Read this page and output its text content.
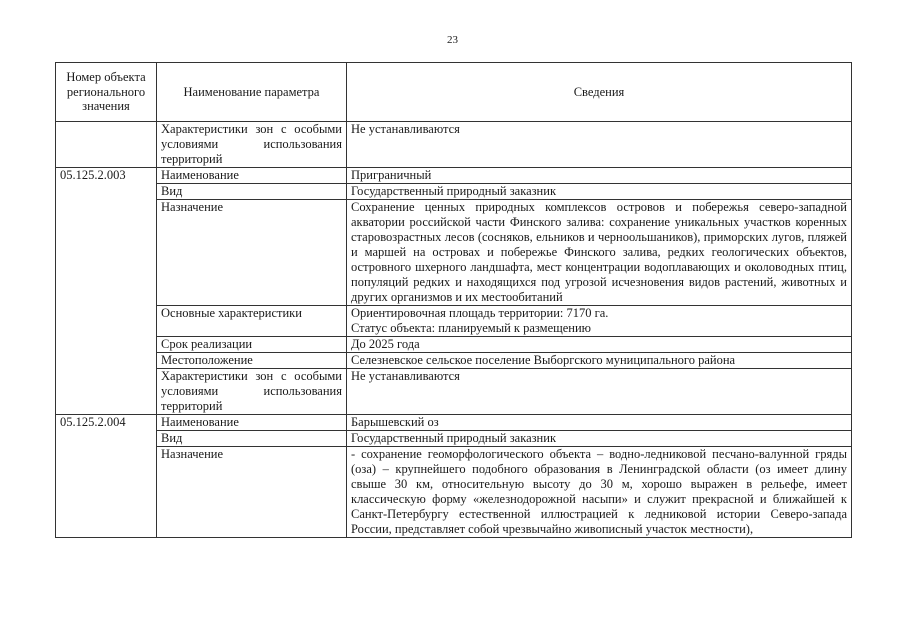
23
Номер объекта регионального значения	Наименование параметра	Сведения
	Характеристики зон с особыми условиями использования территорий	Не устанавливаются

05.125.2.003	Наименование	Приграничный

	Вид	Государственный природный заказник

	Назначение	Сохранение ценных природных комплексов островов и побережья северо-западной акватории российской части Финского залива: сохранение уникальных участков коренных старовозрастных лесов (сосняков, ельников и черноольшаников), приморских лугов, пляжей и маршей на островах и побережье Финского залива, редких геологических объектов, островного шхерного ландшафта, мест концентрации водоплавающих и околоводных птиц, популяций редких и находящихся под угрозой исчезновения видов растений, животных и других организмов и их местообитаний

	Основные характеристики	Ориентировочная площадь территории: 7170 га.
Статус объекта: планируемый к размещению

	Срок реализации	До 2025 года

	Местоположение	Селезневское сельское поселение Выборгского муниципального района

	Характеристики зон с особыми условиями использования территорий	Не устанавливаются

05.125.2.004	Наименование	Барышевский оз

	Вид	Государственный природный заказник

	Назначение	- сохранение геоморфологического объекта – водно-ледниковой песчано-валунной гряды (оза) – крупнейшего подобного образования в Ленинградской области (оз имеет длину свыше 30 км, относительную высоту до 30 м, хорошо выражен в рельефе, имеет классическую форму «железнодорожной насыпи» и служит прекрасной и ближайшей к Санкт-Петербургу естественной иллюстрацией к ледниковой истории Северо-запада России, представляет собой чрезвычайно живописный участок местности),
